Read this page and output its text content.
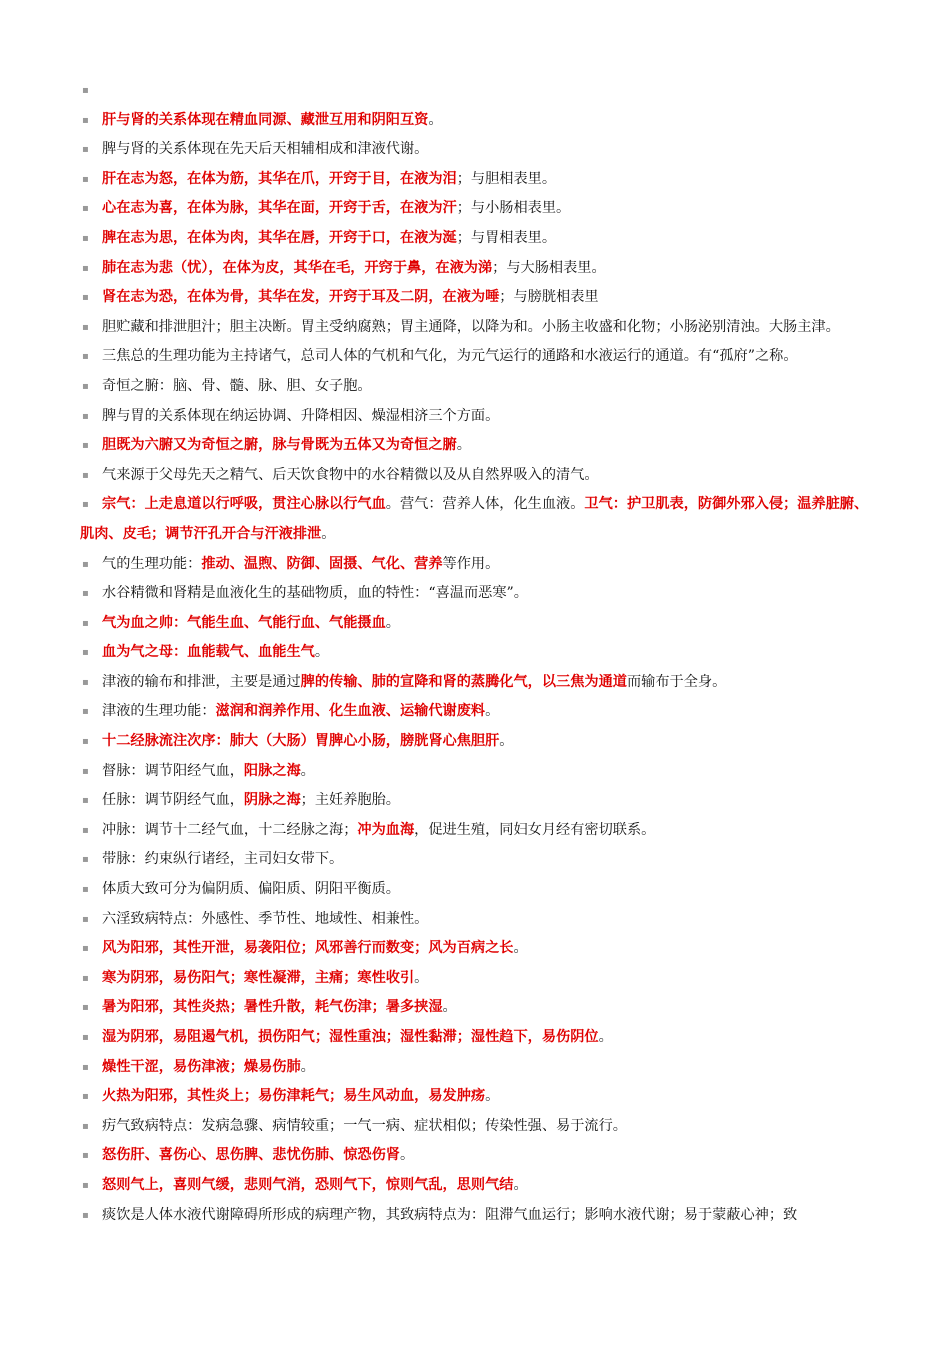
▪

▪ 肝与肾的关系体现在精血同源、藏泄互用和阴阳互资。
▪ 脾与肾的关系体现在先天后天相辅相成和津液代谢。
▪ 肝在志为怒，在体为筋，其华在爪，开窍于目，在液为泪；与胆相表里。
▪ 心在志为喜，在体为脉，其华在面，开窍于舌，在液为汗；与小肠相表里。
▪ 脾在志为思，在体为肉，其华在唇，开窍于口，在液为涎；与胃相表里。
▪ 肺在志为悲（忧），在体为皮，其华在毛，开窍于鼻，在液为涕；与大肠相表里。
▪ 肾在志为恐，在体为骨，其华在发，开窍于耳及二阴，在液为唾；与膀胱相表里
▪ 胆贮藏和排泄胆汁；胆主决断。胃主受纳腐熟；胃主通降，以降为和。小肠主收盛和化物；小肠泌别清浊。大肠主津。
▪ 三焦总的生理功能为主持诸气，总司人体的气机和气化，为元气运行的通路和水液运行的通道。有“孤府”之称。
▪ 奇恒之腑：脑、骨、髓、脉、胆、女子胞。
▪ 脾与胃的关系体现在纳运协调、升降相因、燥湿相济三个方面。
▪ 胆既为六腑又为奇恒之腑，脉与骨既为五体又为奇恒之腑。
▪ 气来源于父母先天之精气、后天饮食物中的水谷精微以及从自然界吸入的清气。
▪ 宗气：上走息道以行呼吸，贯注心脉以行气血。营气：营养人体，化生血液。卫气：护卫肌表，防御外邪入侵；温养脏腑、肌肉、皮毛；调节汗孔开合与汗液排泄。
▪ 气的生理功能：推动、温煦、防御、固摄、气化、营养等作用。
▪ 水谷精微和肾精是血液化生的基础物质，血的特性：“喜温而恶寒”。
▪ 气为血之帅：气能生血、气能行血、气能摄血。
▪ 血为气之母：血能载气、血能生气。
▪ 津液的输布和排泄，主要是通过脾的传输、肺的宣降和肾的蒸腾化气，以三焦为通道而输布于全身。
▪ 津液的生理功能：滋润和润养作用、化生血液、运输代谢废料。
▪ 十二经脉流注次序：肺大（大肠）胃脾心小肠，膀胱肾心焦胆肝。
▪ 督脉：调节阳经气血，阳脉之海。
▪ 任脉：调节阴经气血，阴脉之海；主妊养胞胎。
▪ 冲脉：调节十二经气血，十二经脉之海；冲为血海，促进生殖，同妇女月经有密切联系。
▪ 带脉：约束纵行诸经，主司妇女带下。
▪ 体质大致可分为偏阴质、偏阳质、阴阳平衡质。
▪ 六淫致病特点：外感性、季节性、地域性、相兼性。
▪ 风为阳邪，其性开泄，易袭阳位；风邪善行而数变；风为百病之长。
▪ 寒为阴邪，易伤阳气；寒性凝滞，主痛；寒性收引。
▪ 暑为阳邪，其性炎热；暑性升散，耗气伤津；暑多挟湿。
▪ 湿为阴邪，易阻遏气机，损伤阳气；湿性重浊；湿性黏滞；湿性趋下，易伤阴位。
▪ 燥性干涩，易伤津液；燥易伤肺。
▪ 火热为阳邪，其性炎上；易伤津耗气；易生风动血，易发肿疡。
▪ 疠气致病特点：发病急骤、病情较重；一气一病、症状相似；传染性强、易于流行。
▪ 怒伤肝、喜伤心、思伤脾、悲忧伤肺、惊恐伤肾。
▪ 怒则气上，喜则气缓，悲则气消，恐则气下，惊则气乱，思则气结。
▪ 痰饮是人体水液代谢障碍所形成的病理产物，其致病特点为：阻滞气血运行；影响水液代谢；易于蒙蔽心神；致
